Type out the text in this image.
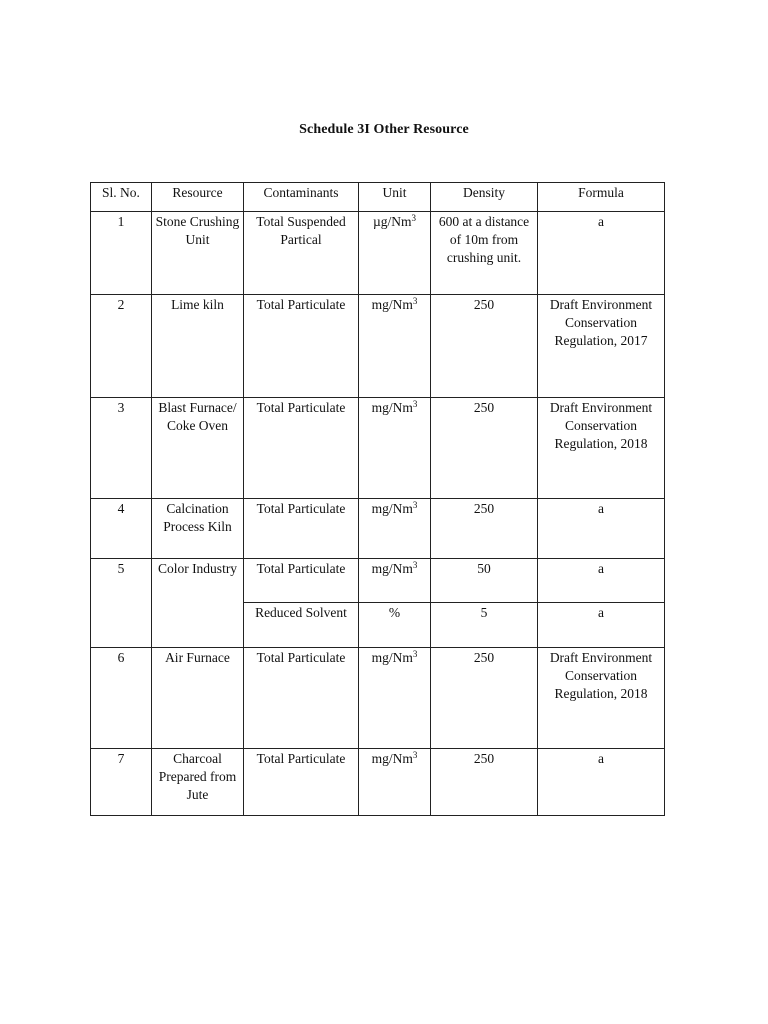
Schedule 3I Other Resource
Sl. No.	Resource	Contaminants	Unit	Density	Formula
1	Stone Crushing Unit	Total Suspended Partical	µg/Nm$^3$	600 at a distance of 10m from crushing unit.	a
2	Lime kiln	Total Particulate	mg/Nm$^3$	250	Draft Environment Conservation Regulation, 2017
3	Blast Furnace/ Coke Oven	Total Particulate	mg/Nm$^3$	250	Draft Environment Conservation Regulation, 2018
4	Calcination Process Kiln	Total Particulate	mg/Nm$^3$	250	a
5	Color Industry	Total Particulate	mg/Nm$^3$	50	a
		Reduced Solvent	%	5	a
6	Air Furnace	Total Particulate	mg/Nm$^3$	250	Draft Environment Conservation Regulation, 2018
7	Charcoal Prepared from Jute	Total Particulate	mg/Nm$^3$	250	a
